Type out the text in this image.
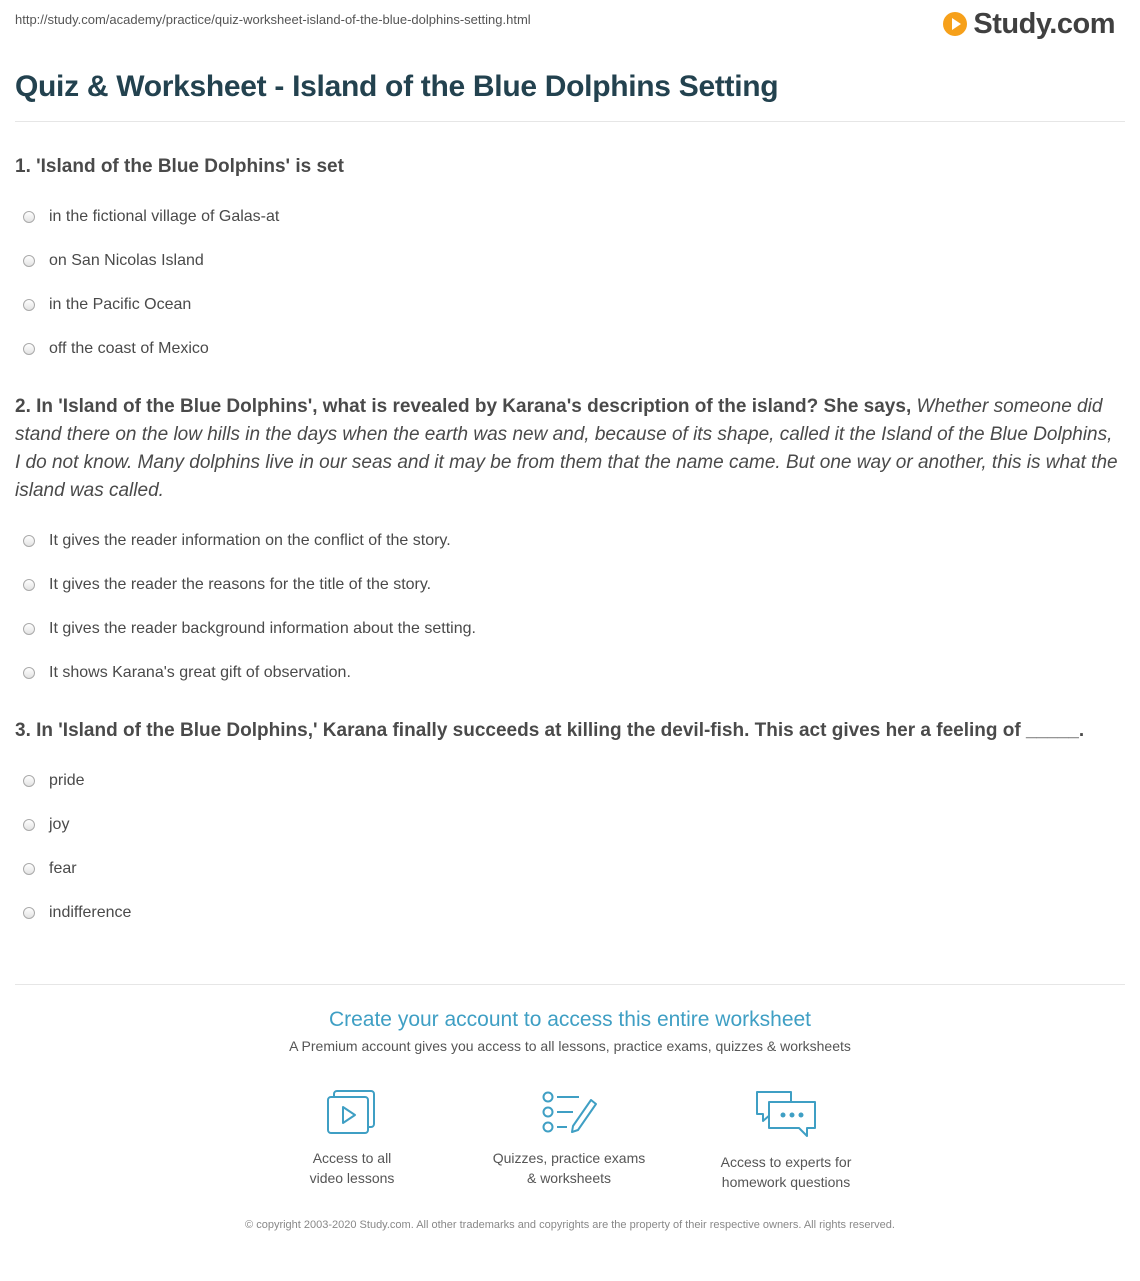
http://study.com/academy/practice/quiz-worksheet-island-of-the-blue-dolphins-setting.html	Study.com
Quiz & Worksheet - Island of the Blue Dolphins Setting

1. 'Island of the Blue Dolphins' is set

in the fictional village of Galas-at
on San Nicolas Island
in the Pacific Ocean
off the coast of Mexico

2. In 'Island of the Blue Dolphins', what is revealed by Karana's description of the island? She says, Whether someone did stand there on the low hills in the days when the earth was new and, because of its shape, called it the Island of the Blue Dolphins, I do not know. Many dolphins live in our seas and it may be from them that the name came. But one way or another, this is what the island was called.

It gives the reader information on the conflict of the story.
It gives the reader the reasons for the title of the story.
It gives the reader background information about the setting.
It shows Karana's great gift of observation.

3. In 'Island of the Blue Dolphins,' Karana finally succeeds at killing the devil-fish. This act gives her a feeling of _____.

pride
joy
fear
indifference
Create your account to access this entire worksheet
A Premium account gives you access to all lessons, practice exams, quizzes & worksheets
Access to all
video lessons
Quizzes, practice exams
& worksheets
Access to experts for
homework questions
© copyright 2003-2020 Study.com. All other trademarks and copyrights are the property of their respective owners. All rights reserved.
